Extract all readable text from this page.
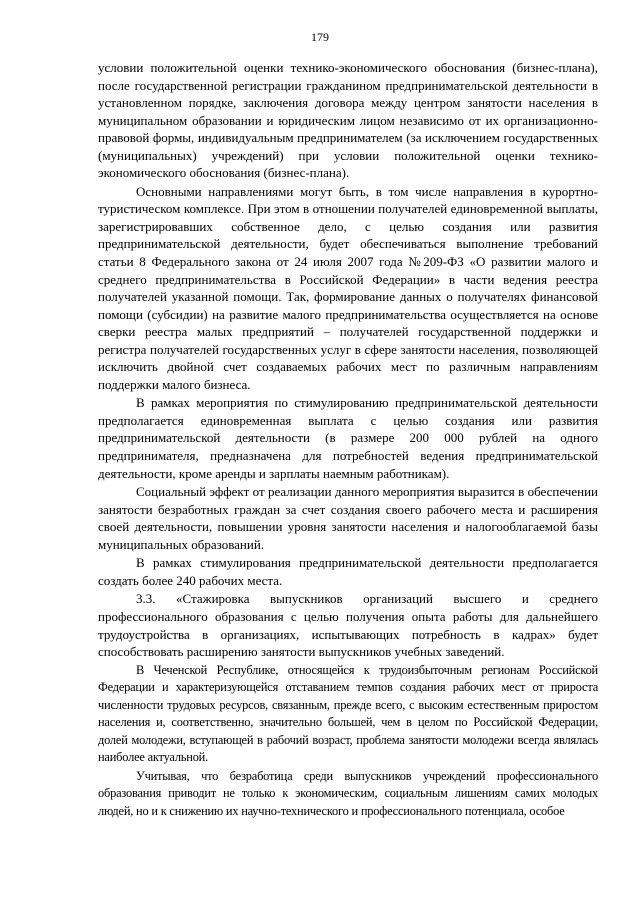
179

условии положительной оценки технико-экономического обоснования (бизнес-плана), после государственной регистрации гражданином предпринимательской деятельности в установленном порядке, заключения договора между центром занятости населения в муниципальном образовании и юридическим лицом независимо от их организационно-правовой формы, индивидуальным предпринимателем (за исключением государственных (муниципальных) учреждений) при условии положительной оценки технико-экономического обоснования (бизнес-плана).

Основными направлениями могут быть, в том числе направления в курортно-туристическом комплексе. При этом в отношении получателей единовременной выплаты, зарегистрировавших собственное дело, с целью создания или развития предпринимательской деятельности, будет обеспечиваться выполнение требований статьи 8 Федерального закона от 24 июля 2007 года №209-ФЗ «О развитии малого и среднего предпринимательства в Российской Федерации» в части ведения реестра получателей указанной помощи. Так, формирование данных о получателях финансовой помощи (субсидии) на развитие малого предпринимательства осуществляется на основе сверки реестра малых предприятий – получателей государственной поддержки и регистра получателей государственных услуг в сфере занятости населения, позволяющей исключить двойной счет создаваемых рабочих мест по различным направлениям поддержки малого бизнеса.

В рамках мероприятия по стимулированию предпринимательской деятельности предполагается единовременная выплата с целью создания или развития предпринимательской деятельности (в размере 200 000 рублей на одного предпринимателя, предназначена для потребностей ведения предпринимательской деятельности, кроме аренды и зарплаты наемным работникам).

Социальный эффект от реализации данного мероприятия выразится в обеспечении занятости безработных граждан за счет создания своего рабочего места и расширения своей деятельности, повышении уровня занятости населения и налогооблагаемой базы муниципальных образований.

В рамках стимулирования предпринимательской деятельности предполагается создать более 240 рабочих места.

3.3. «Стажировка выпускников организаций высшего и среднего профессионального образования с целью получения опыта работы для дальнейшего трудоустройства в организациях, испытывающих потребность в кадрах» будет способствовать расширению занятости выпускников учебных заведений.

В Чеченской Республике, относящейся к трудоизбыточным регионам Российской Федерации и характеризующейся отставанием темпов создания рабочих мест от прироста численности трудовых ресурсов, связанным, прежде всего, с высоким естественным приростом населения и, соответственно, значительно большей, чем в целом по Российской Федерации, долей молодежи, вступающей в рабочий возраст, проблема занятости молодежи всегда являлась наиболее актуальной.

Учитывая, что безработица среди выпускников учреждений профессионального образования приводит не только к экономическим, социальным лишениям самих молодых людей, но и к снижению их научно-технического и профессионального потенциала, особое
